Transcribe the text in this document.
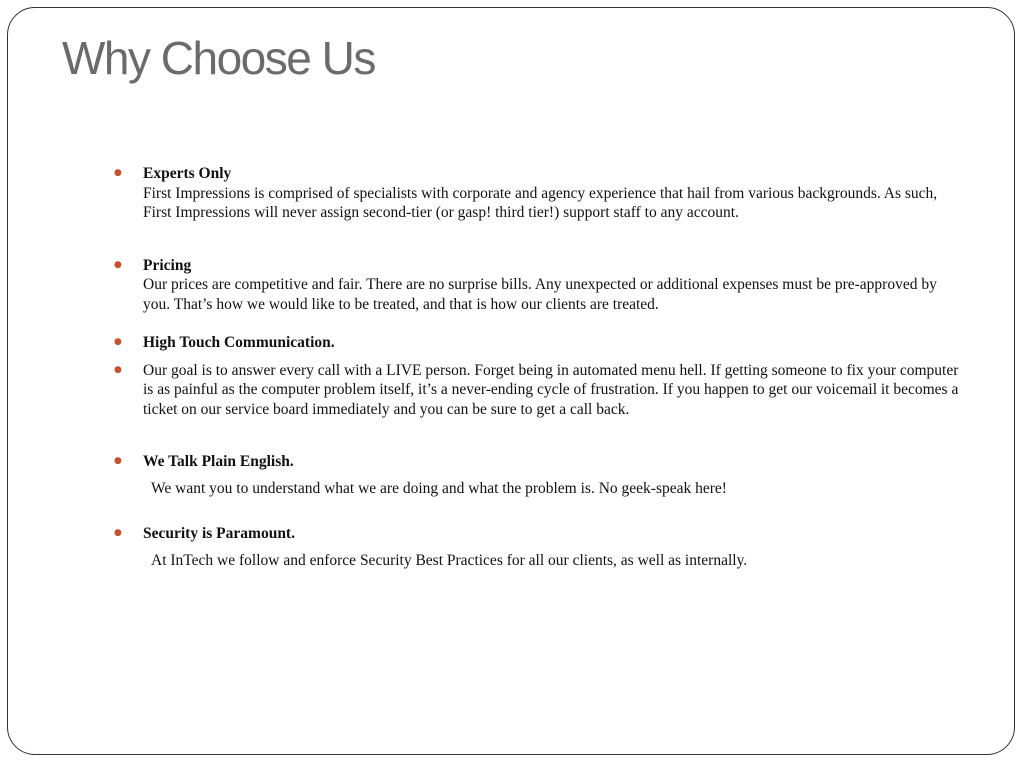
Why Choose Us
● Experts Only
First Impressions is comprised of specialists with corporate and agency experience that hail from various backgrounds. As such, First Impressions will never assign second-tier (or gasp! third tier!) support staff to any account.
● Pricing
Our prices are competitive and fair. There are no surprise bills. Any unexpected or additional expenses must be pre-approved by you. That’s how we would like to be treated, and that is how our clients are treated.
● High Touch Communication.
● Our goal is to answer every call with a LIVE person. Forget being in automated menu hell. If getting someone to fix your computer is as painful as the computer problem itself, it’s a never-ending cycle of frustration. If you happen to get our voicemail it becomes a ticket on our service board immediately and you can be sure to get a call back.
● We Talk Plain English.
We want you to understand what we are doing and what the problem is. No geek-speak here!
● Security is Paramount.
At InTech we follow and enforce Security Best Practices for all our clients, as well as internally.
